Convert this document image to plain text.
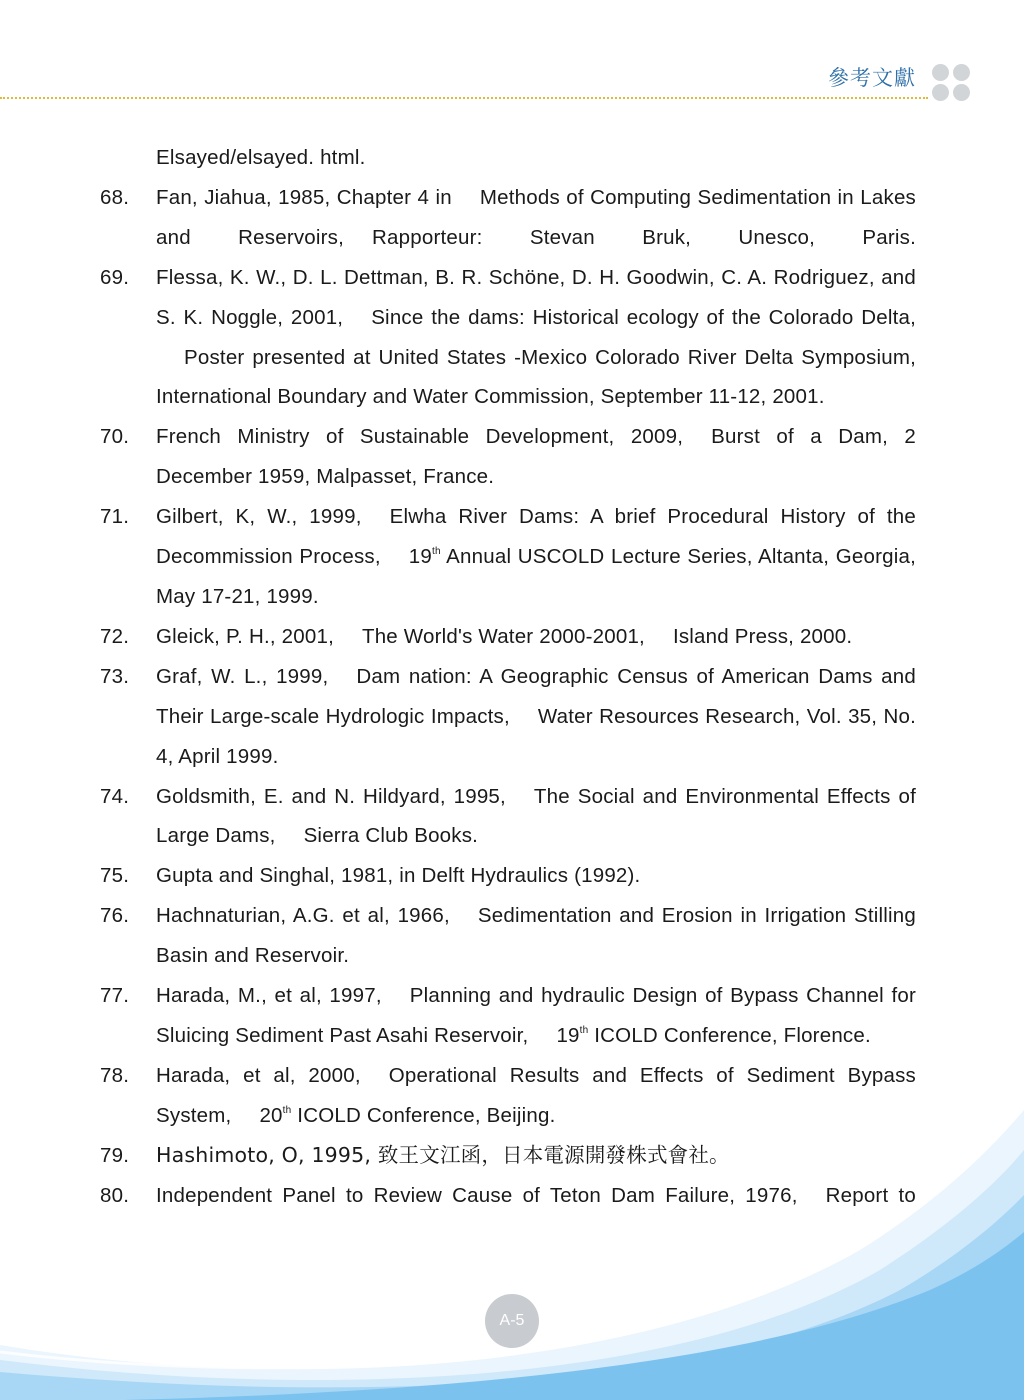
參考文獻
Elsayed/elsayed. html.
68.	Fan, Jiahua, 1985, Chapter 4 in Methods of Computing Sedimentation in Lakes and Reservoirs, Rapporteur: Stevan Bruk, Unesco, Paris.
69.	Flessa, K. W., D. L. Dettman, B. R. Schöne, D. H. Goodwin, C. A. Rodriguez, and S. K. Noggle, 2001, Since the dams: Historical ecology of the Colorado Delta,Poster presented at United States -Mexico Colorado River Delta Symposium, International Boundary and Water Commission, September 11-12, 2001.
70.	French Ministry of Sustainable Development, 2009, Burst of a Dam, 2 December 1959, Malpasset, France.
71.	Gilbert, K, W., 1999, Elwha River Dams: A brief Procedural History of the Decommission Process, 19th Annual USCOLD Lecture Series, Altanta, Georgia, May 17-21, 1999.
72.	Gleick, P. H., 2001, The World's Water 2000-2001, Island Press, 2000.
73.	Graf, W. L., 1999, Dam nation: A Geographic Census of American Dams and Their Large-scale Hydrologic Impacts, Water Resources Research, Vol. 35, No. 4, April 1999.
74.	Goldsmith, E. and N. Hildyard, 1995, The Social and Environmental Effects of Large Dams, Sierra Club Books.
75.	Gupta and Singhal, 1981, in Delft Hydraulics (1992).
76.	Hachnaturian, A.G. et al, 1966, Sedimentation and Erosion in Irrigation Stilling Basin and Reservoir.
77.	Harada, M., et al, 1997, Planning and hydraulic Design of Bypass Channel for Sluicing Sediment Past Asahi Reservoir, 19th ICOLD Conference, Florence.
78.	Harada, et al, 2000, Operational Results and Effects of Sediment Bypass System, 20th ICOLD Conference, Beijing.
79.	Hashimoto, O, 1995, 致王文江函，日本電源開發株式會社。
80.	Independent Panel to Review Cause of Teton Dam Failure, 1976, Report to
A-5
